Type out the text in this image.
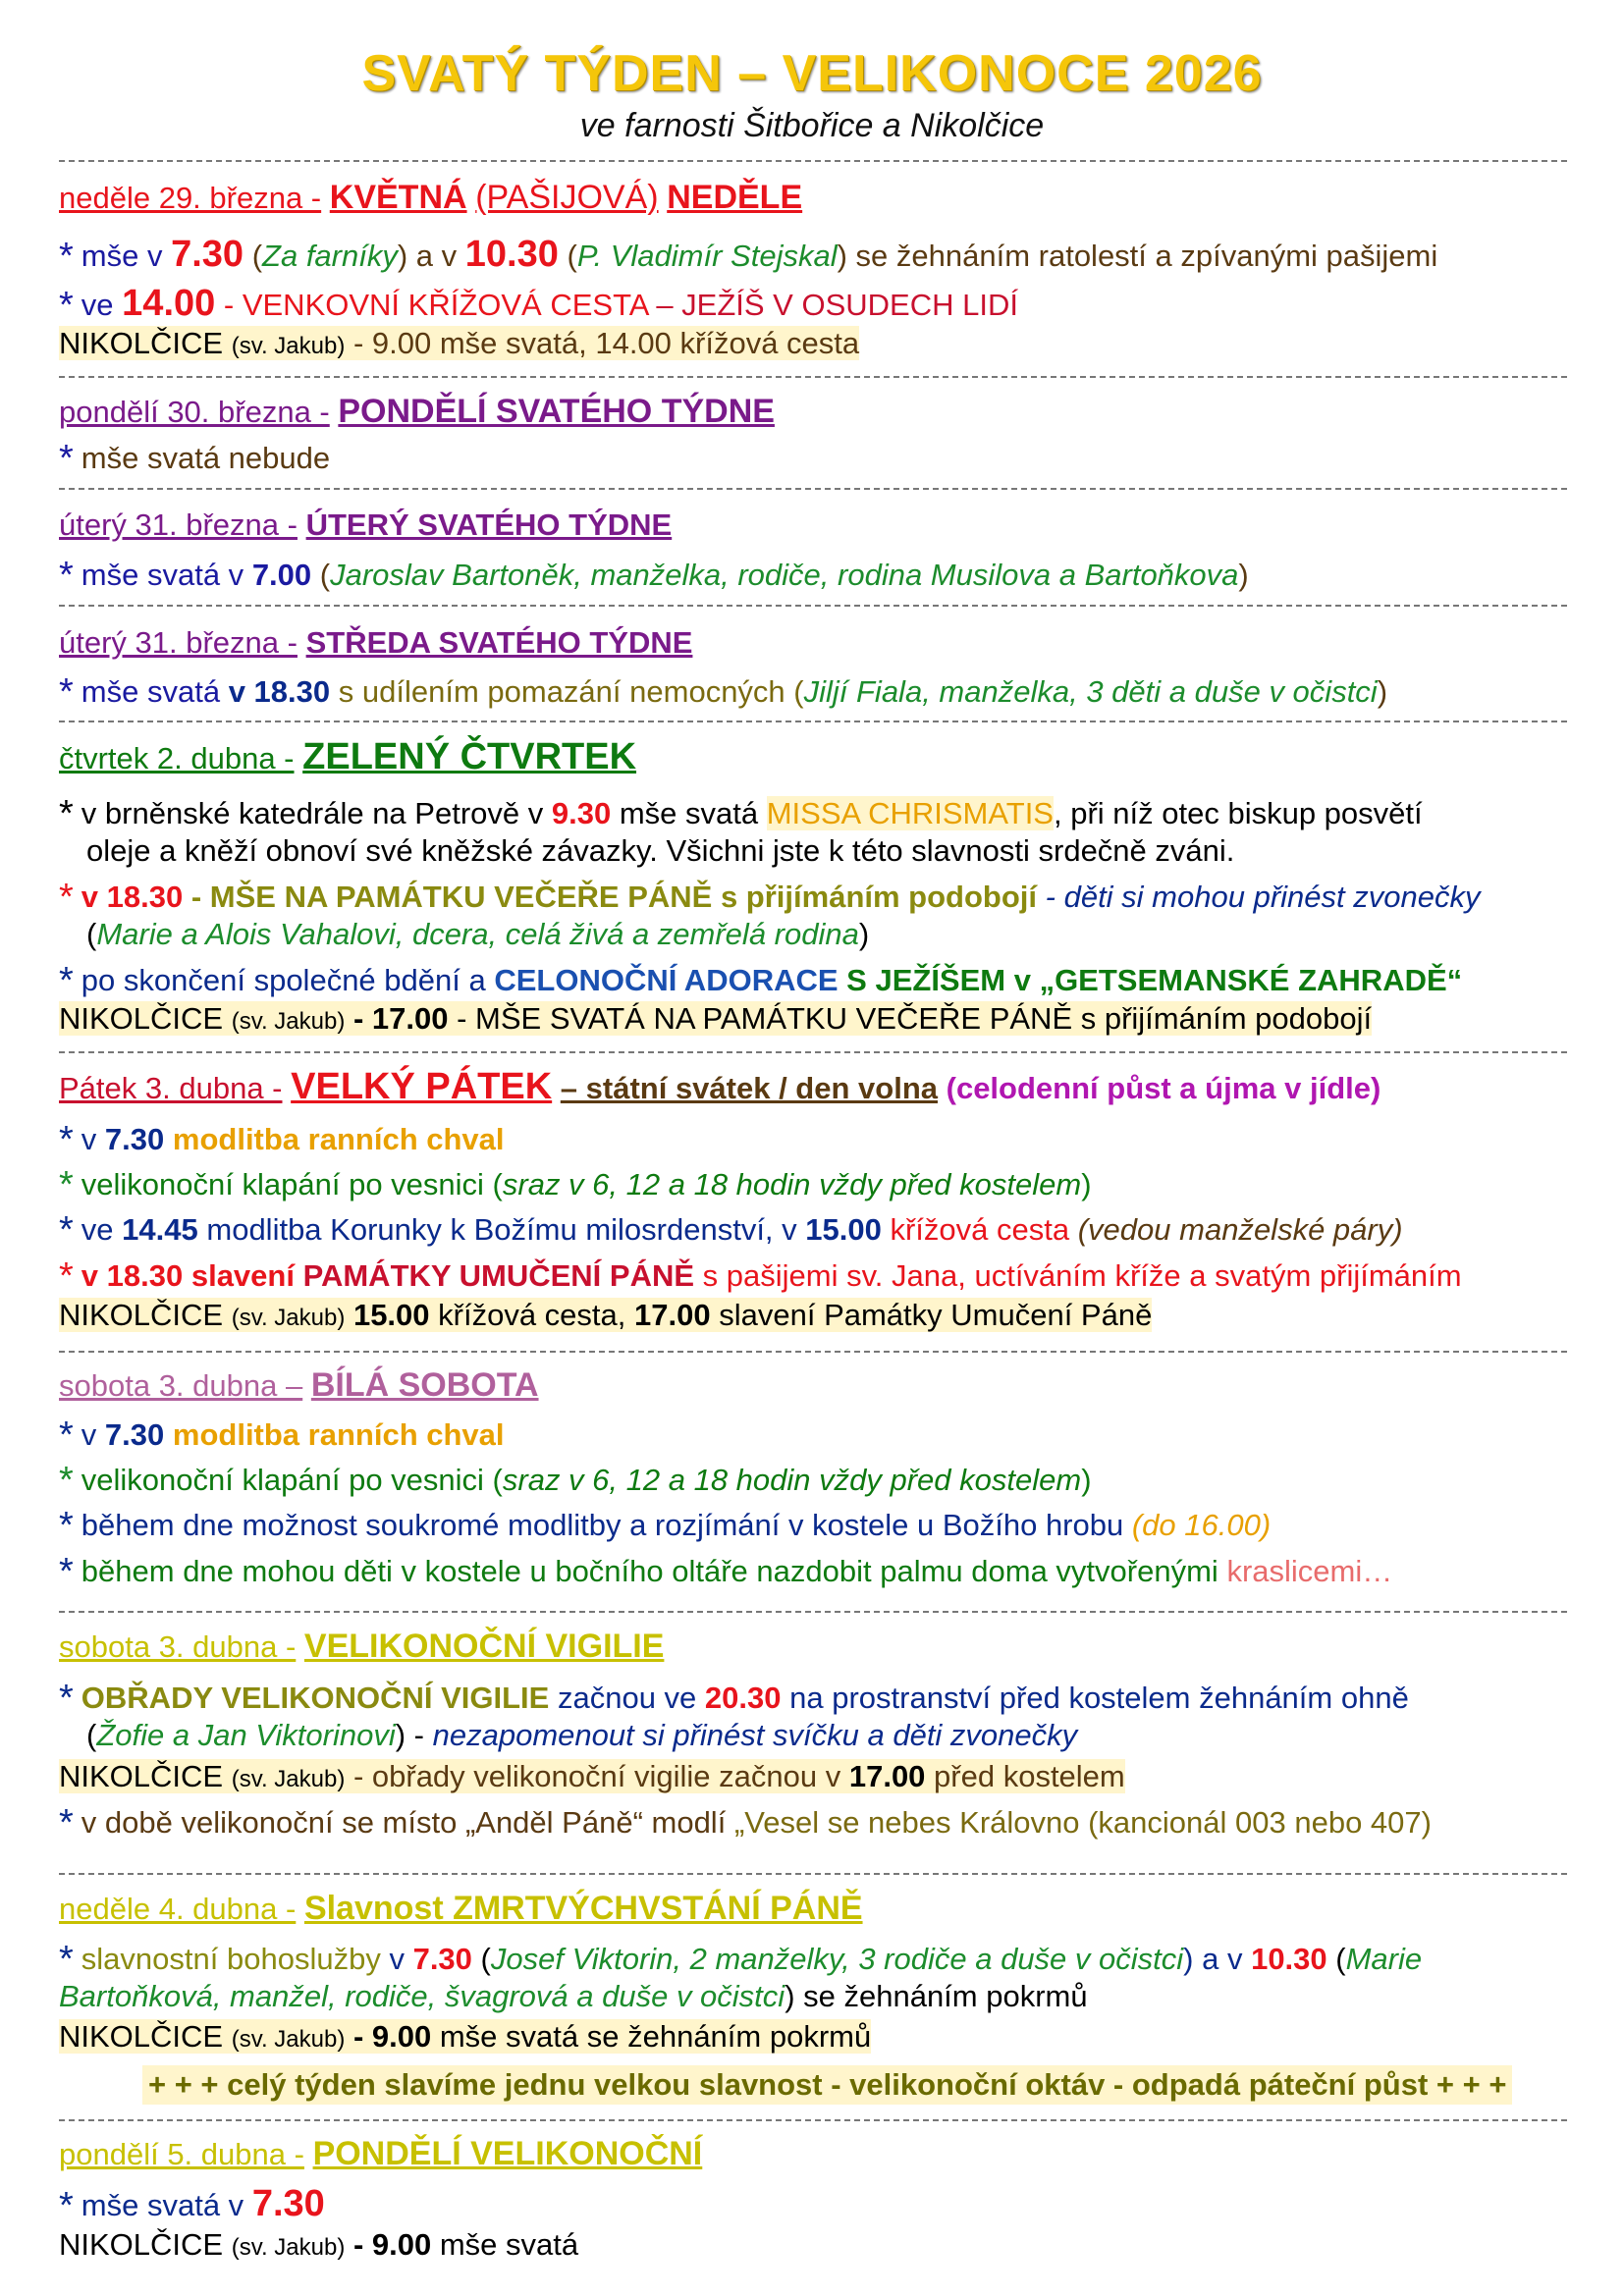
SVATÝ TÝDEN – VELIKONOCE 2026
ve farnosti Šitbořice a Nikolčice
neděle 29. března - KVĚTNÁ (PAŠIJOVÁ) NEDĚLE
* mše v 7.30 (Za farníky) a v 10.30 (P. Vladimír Stejskal) se žehnáním ratolestí a zpívanými pašijemi
* ve 14.00 - VENKOVNÍ KŘÍŽOVÁ CESTA – JEŽÍŠ V OSUDECH LIDÍ
NIKOLČICE (sv. Jakub) - 9.00 mše svatá, 14.00 křížová cesta
pondělí 30. března - PONDĚLÍ SVATÉHO TÝDNE
* mše svatá nebude
úterý 31. března - ÚTERÝ SVATÉHO TÝDNE
* mše svatá v 7.00 (Jaroslav Bartoněk, manželka, rodiče, rodina Musilova a Bartoňkova)
úterý 31. března - STŘEDA SVATÉHO TÝDNE
* mše svatá v 18.30 s udílením pomazání nemocných (Jiljí Fiala, manželka, 3 děti a duše v očistci)
čtvrtek 2. dubna - ZELENÝ ČTVRTEK
* v brněnské katedrále na Petrově v 9.30 mše svatá MISSA CHRISMATIS, při níž otec biskup posvětí
oleje a kněží obnoví své kněžské závazky. Všichni jste k této slavnosti srdečně zváni.
* v 18.30 - MŠE NA PAMÁTKU VEČEŘE PÁNĚ s přijímáním podobojí - děti si mohou přinést zvonečky
(Marie a Alois Vahalovi, dcera, celá živá a zemřelá rodina)
* po skončení společné bdění a CELONOČNÍ ADORACE S JEŽÍŠEM v „GETSEMANSKÉ ZAHRADĚ“
NIKOLČICE (sv. Jakub) - 17.00 - MŠE SVATÁ NA PAMÁTKU VEČEŘE PÁNĚ s přijímáním podobojí
Pátek 3. dubna - VELKÝ PÁTEK – státní svátek / den volna (celodenní půst a újma v jídle)
* v 7.30 modlitba ranních chval
* velikonoční klapání po vesnici (sraz v 6, 12 a 18 hodin vždy před kostelem)
* ve 14.45 modlitba Korunky k Božímu milosrdenství, v 15.00 křížová cesta (vedou manželské páry)
* v 18.30 slavení PAMÁTKY UMUČENÍ PÁNĚ s pašijemi sv. Jana, uctíváním kříže a svatým přijímáním
NIKOLČICE (sv. Jakub) 15.00 křížová cesta, 17.00 slavení Památky Umučení Páně
sobota 3. dubna – BÍLÁ SOBOTA
* v 7.30 modlitba ranních chval
* velikonoční klapání po vesnici (sraz v 6, 12 a 18 hodin vždy před kostelem)
* během dne možnost soukromé modlitby a rozjímání v kostele u Božího hrobu (do 16.00)
* během dne mohou děti v kostele u bočního oltáře nazdobit palmu doma vytvořenými kraslicemi…
sobota 3. dubna - VELIKONOČNÍ VIGILIE
* OBŘADY VELIKONOČNÍ VIGILIE začnou ve 20.30 na prostranství před kostelem žehnáním ohně
(Žofie a Jan Viktorinovi) - nezapomenout si přinést svíčku a děti zvonečky
NIKOLČICE (sv. Jakub) - obřady velikonoční vigilie začnou v 17.00 před kostelem
* v době velikonoční se místo „Anděl Páně“ modlí „Vesel se nebes Královno (kancionál 003 nebo 407)
neděle 4. dubna - Slavnost ZMRTVÝCHVSTÁNÍ PÁNĚ
* slavnostní bohoslužby v 7.30 (Josef Viktorin, 2 manželky, 3 rodiče a duše v očistci) a v 10.30 (Marie
Bartoňková, manžel, rodiče, švagrová a duše v očistci) se žehnáním pokrmů
NIKOLČICE (sv. Jakub) - 9.00 mše svatá se žehnáním pokrmů
+ + + celý týden slavíme jednu velkou slavnost - velikonoční oktáv - odpadá páteční půst + + +
pondělí 5. dubna - PONDĚLÍ VELIKONOČNÍ
* mše svatá v 7.30
NIKOLČICE (sv. Jakub) - 9.00 mše svatá
